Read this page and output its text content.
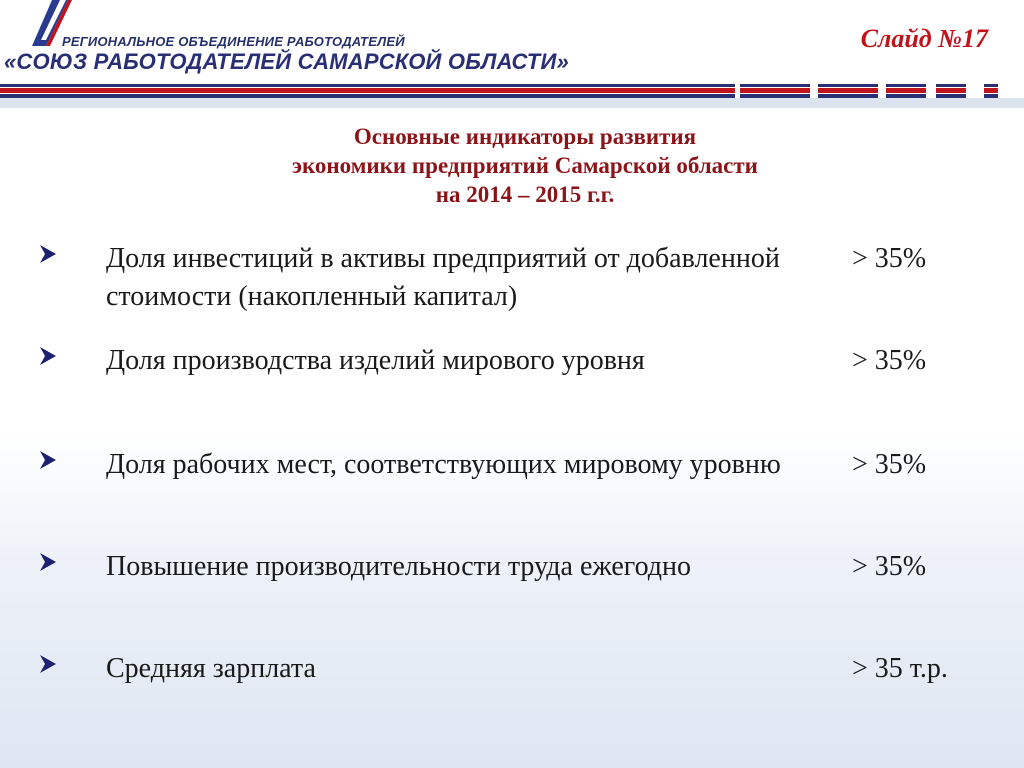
РЕГИОНАЛЬНОЕ ОБЪЕДИНЕНИЕ РАБОТОДАТЕЛЕЙ
«СОЮЗ РАБОТОДАТЕЛЕЙ САМАРСКОЙ ОБЛАСТИ»
Слайд №17
Основные индикаторы развития
экономики предприятий Самарской области
на 2014 – 2015 г.г.
Доля инвестиций в активы предприятий от добавленной стоимости (накопленный капитал)
> 35%
Доля производства изделий мирового уровня	> 35%
Доля рабочих мест, соответствующих мировому уровню	> 35%
Повышение производительности труда ежегодно	> 35%
Средняя зарплата	> 35 т.р.
